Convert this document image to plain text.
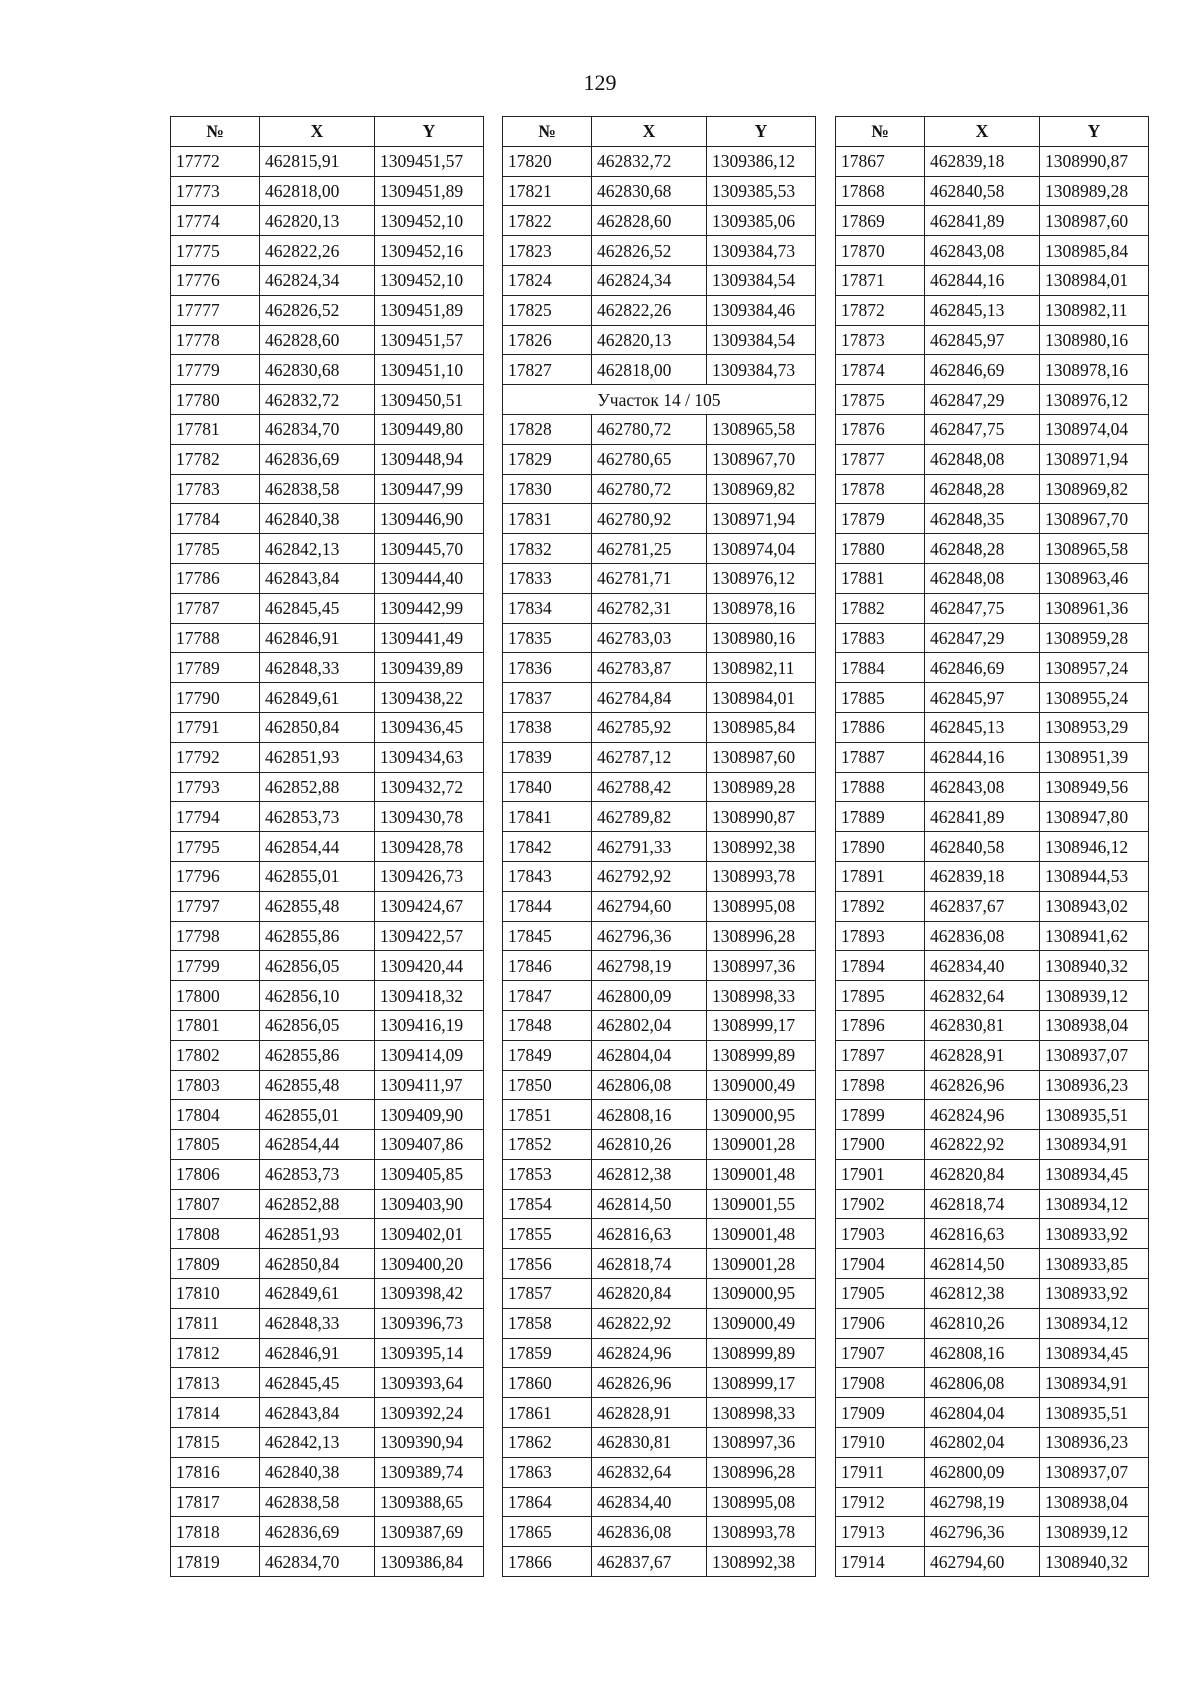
129
№	X	Y
17772	462815,91	1309451,57
17773	462818,00	1309451,89
17774	462820,13	1309452,10
17775	462822,26	1309452,16
17776	462824,34	1309452,10
17777	462826,52	1309451,89
17778	462828,60	1309451,57
17779	462830,68	1309451,10
17780	462832,72	1309450,51
17781	462834,70	1309449,80
17782	462836,69	1309448,94
17783	462838,58	1309447,99
17784	462840,38	1309446,90
17785	462842,13	1309445,70
17786	462843,84	1309444,40
17787	462845,45	1309442,99
17788	462846,91	1309441,49
17789	462848,33	1309439,89
17790	462849,61	1309438,22
17791	462850,84	1309436,45
17792	462851,93	1309434,63
17793	462852,88	1309432,72
17794	462853,73	1309430,78
17795	462854,44	1309428,78
17796	462855,01	1309426,73
17797	462855,48	1309424,67
17798	462855,86	1309422,57
17799	462856,05	1309420,44
17800	462856,10	1309418,32
17801	462856,05	1309416,19
17802	462855,86	1309414,09
17803	462855,48	1309411,97
17804	462855,01	1309409,90
17805	462854,44	1309407,86
17806	462853,73	1309405,85
17807	462852,88	1309403,90
17808	462851,93	1309402,01
17809	462850,84	1309400,20
17810	462849,61	1309398,42
17811	462848,33	1309396,73
17812	462846,91	1309395,14
17813	462845,45	1309393,64
17814	462843,84	1309392,24
17815	462842,13	1309390,94
17816	462840,38	1309389,74
17817	462838,58	1309388,65
17818	462836,69	1309387,69
17819	462834,70	1309386,84
№	X	Y
17820	462832,72	1309386,12
17821	462830,68	1309385,53
17822	462828,60	1309385,06
17823	462826,52	1309384,73
17824	462824,34	1309384,54
17825	462822,26	1309384,46
17826	462820,13	1309384,54
17827	462818,00	1309384,73
Участок 14 / 105		
17828	462780,72	1308965,58
17829	462780,65	1308967,70
17830	462780,72	1308969,82
17831	462780,92	1308971,94
17832	462781,25	1308974,04
17833	462781,71	1308976,12
17834	462782,31	1308978,16
17835	462783,03	1308980,16
17836	462783,87	1308982,11
17837	462784,84	1308984,01
17838	462785,92	1308985,84
17839	462787,12	1308987,60
17840	462788,42	1308989,28
17841	462789,82	1308990,87
17842	462791,33	1308992,38
17843	462792,92	1308993,78
17844	462794,60	1308995,08
17845	462796,36	1308996,28
17846	462798,19	1308997,36
17847	462800,09	1308998,33
17848	462802,04	1308999,17
17849	462804,04	1308999,89
17850	462806,08	1309000,49
17851	462808,16	1309000,95
17852	462810,26	1309001,28
17853	462812,38	1309001,48
17854	462814,50	1309001,55
17855	462816,63	1309001,48
17856	462818,74	1309001,28
17857	462820,84	1309000,95
17858	462822,92	1309000,49
17859	462824,96	1308999,89
17860	462826,96	1308999,17
17861	462828,91	1308998,33
17862	462830,81	1308997,36
17863	462832,64	1308996,28
17864	462834,40	1308995,08
17865	462836,08	1308993,78
17866	462837,67	1308992,38
№	X	Y
17867	462839,18	1308990,87
17868	462840,58	1308989,28
17869	462841,89	1308987,60
17870	462843,08	1308985,84
17871	462844,16	1308984,01
17872	462845,13	1308982,11
17873	462845,97	1308980,16
17874	462846,69	1308978,16
17875	462847,29	1308976,12
17876	462847,75	1308974,04
17877	462848,08	1308971,94
17878	462848,28	1308969,82
17879	462848,35	1308967,70
17880	462848,28	1308965,58
17881	462848,08	1308963,46
17882	462847,75	1308961,36
17883	462847,29	1308959,28
17884	462846,69	1308957,24
17885	462845,97	1308955,24
17886	462845,13	1308953,29
17887	462844,16	1308951,39
17888	462843,08	1308949,56
17889	462841,89	1308947,80
17890	462840,58	1308946,12
17891	462839,18	1308944,53
17892	462837,67	1308943,02
17893	462836,08	1308941,62
17894	462834,40	1308940,32
17895	462832,64	1308939,12
17896	462830,81	1308938,04
17897	462828,91	1308937,07
17898	462826,96	1308936,23
17899	462824,96	1308935,51
17900	462822,92	1308934,91
17901	462820,84	1308934,45
17902	462818,74	1308934,12
17903	462816,63	1308933,92
17904	462814,50	1308933,85
17905	462812,38	1308933,92
17906	462810,26	1308934,12
17907	462808,16	1308934,45
17908	462806,08	1308934,91
17909	462804,04	1308935,51
17910	462802,04	1308936,23
17911	462800,09	1308937,07
17912	462798,19	1308938,04
17913	462796,36	1308939,12
17914	462794,60	1308940,32
